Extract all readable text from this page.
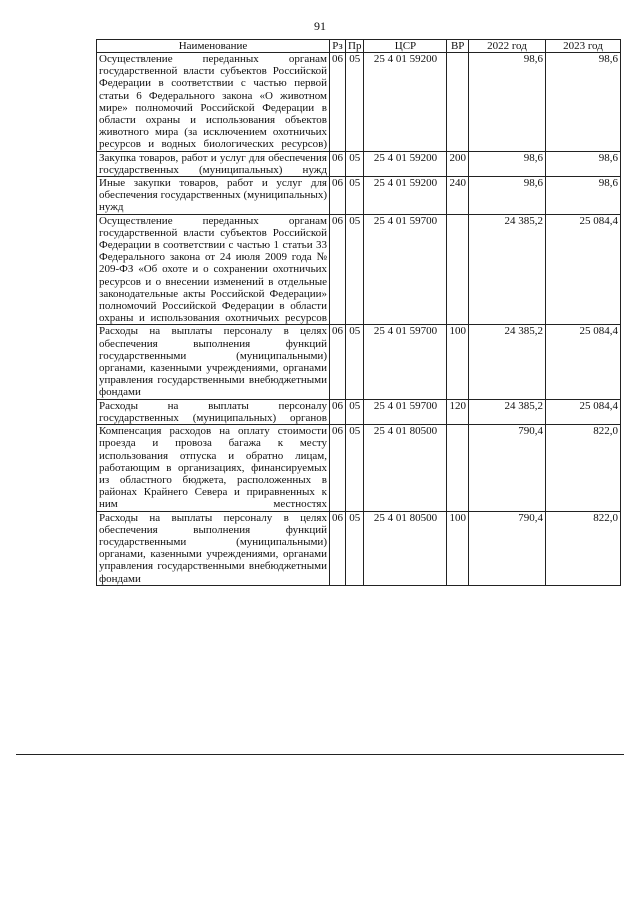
91
Наименование	Рз	Пр	ЦСР	ВР	2022 год	2023 год
Осуществление переданных органам государственной власти субъектов Российской Федерации в соответствии с частью первой статьи 6 Федерального закона «О животном мире» полномочий Российской Федерации в области охраны и использования объектов животного мира (за исключением охотничьих ресурсов и водных биологических ресурсов)	06	05	25 4 01 59200		98,6	98,6
Закупка товаров, работ и услуг для обеспечения государственных (муниципальных) нужд	06	05	25 4 01 59200	200	98,6	98,6
Иные закупки товаров, работ и услуг для обеспечения государственных (муниципальных) нужд	06	05	25 4 01 59200	240	98,6	98,6
Осуществление переданных органам государственной власти субъектов Российской Федерации в соответствии с частью 1 статьи 33 Федерального закона от 24 июля 2009 года № 209-ФЗ «Об охоте и о сохранении охотничьих ресурсов и о внесении изменений в отдельные законодательные акты Российской Федерации» полномочий Российской Федерации в области охраны и использования охотничьих ресурсов	06	05	25 4 01 59700		24 385,2	25 084,4
Расходы на выплаты персоналу в целях обеспечения выполнения функций государственными (муниципальными) органами, казенными учреждениями, органами управления государственными внебюджетными фондами	06	05	25 4 01 59700	100	24 385,2	25 084,4
Расходы на выплаты персоналу государственных (муниципальных) органов	06	05	25 4 01 59700	120	24 385,2	25 084,4
Компенсация расходов на оплату стоимости проезда и провоза багажа к месту использования отпуска и обратно лицам, работающим в организациях, финансируемых из областного бюджета, расположенных в районах Крайнего Севера и приравненных к ним местностях	06	05	25 4 01 80500		790,4	822,0
Расходы на выплаты персоналу в целях обеспечения выполнения функций государственными (муниципальными) органами, казенными учреждениями, органами управления государственными внебюджетными фондами	06	05	25 4 01 80500	100	790,4	822,0
